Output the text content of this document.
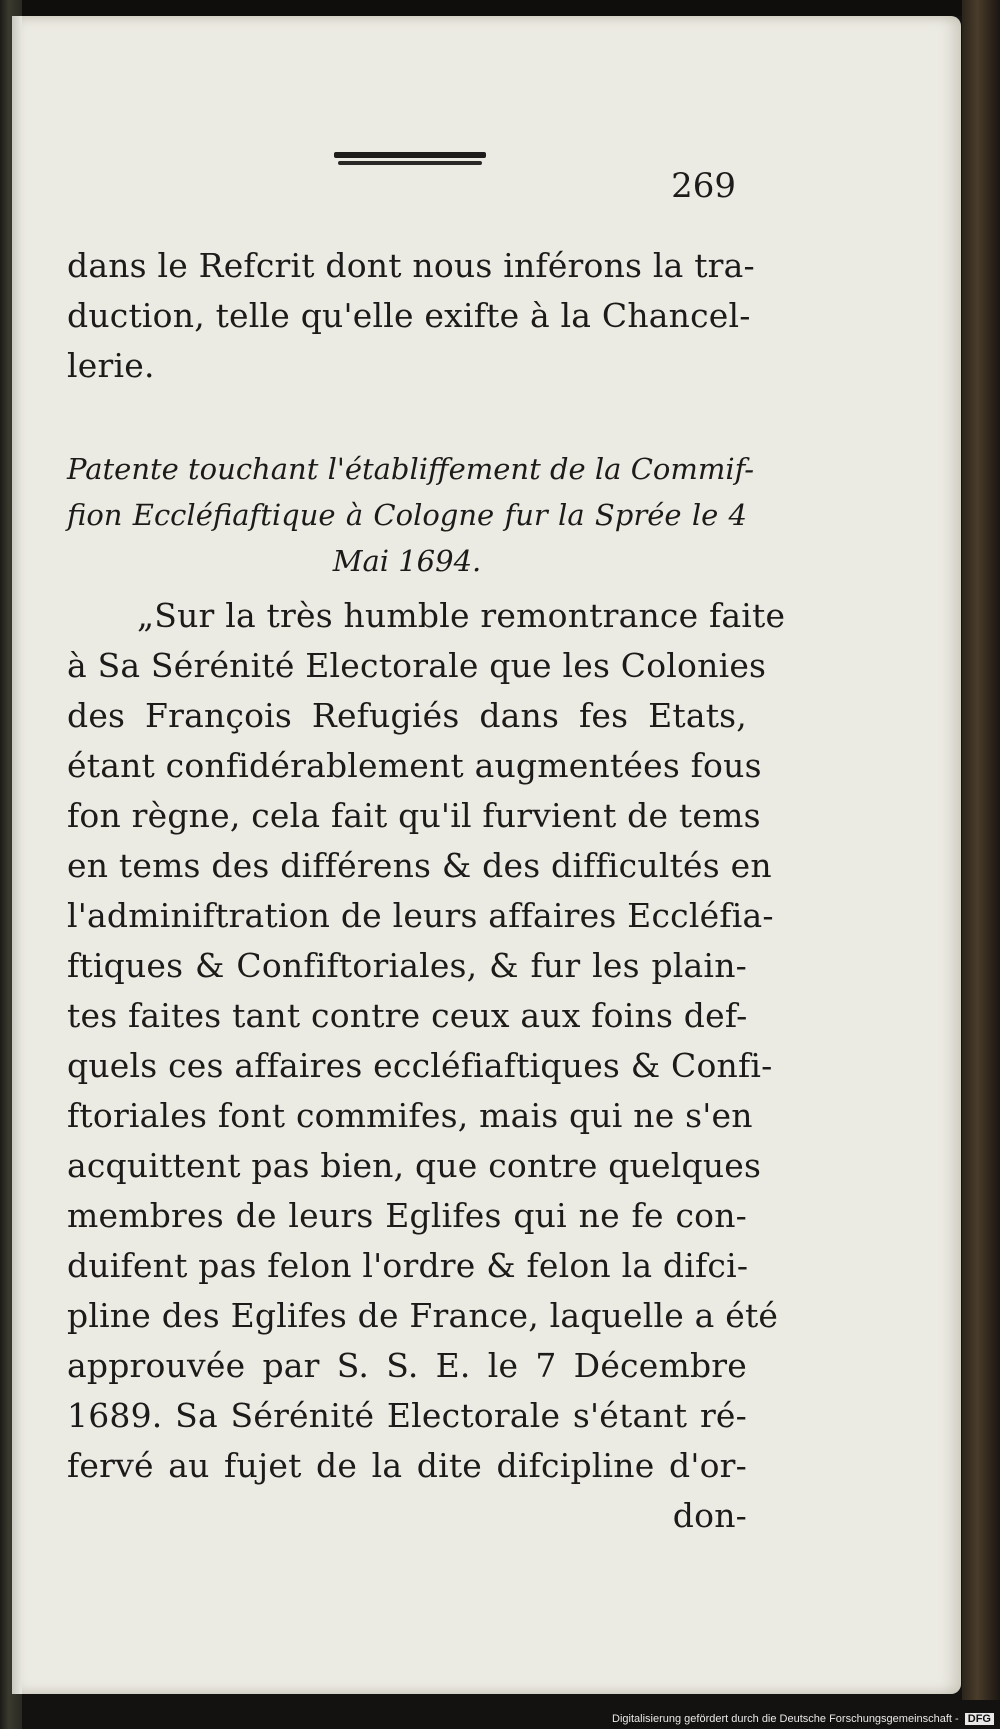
269
dans le Refcrit dont nous inférons la tra-
duction, telle qu'elle exifte à la Chancel-
lerie.
Patente touchant l'établiffement de la Commif-
fion Eccléfiaftique à Cologne fur la Sprée le 4
Mai 1694.
„Sur la très humble remontrance faite
à Sa Sérénité Electorale que les Colonies
des François Refugiés dans fes Etats,
étant confidérablement augmentées fous
fon règne, cela fait qu'il furvient de tems
en tems des différens & des difficultés en
l'adminiftration de leurs affaires Eccléfia-
ftiques & Confiftoriales, & fur les plain-
tes faites tant contre ceux aux foins def-
quels ces affaires eccléfiaftiques & Confi-
ftoriales font commifes, mais qui ne s'en
acquittent pas bien, que contre quelques
membres de leurs Eglifes qui ne fe con-
duifent pas felon l'ordre & felon la difci-
pline des Eglifes de France, laquelle a été
approuvée par S. S. E. le 7 Décembre
1689. Sa Sérénité Electorale s'étant ré-
fervé au fujet de la dite difcipline d'or-
don-
Digitalisierung gefördert durch die Deutsche Forschungsgemeinschaft - DFG
